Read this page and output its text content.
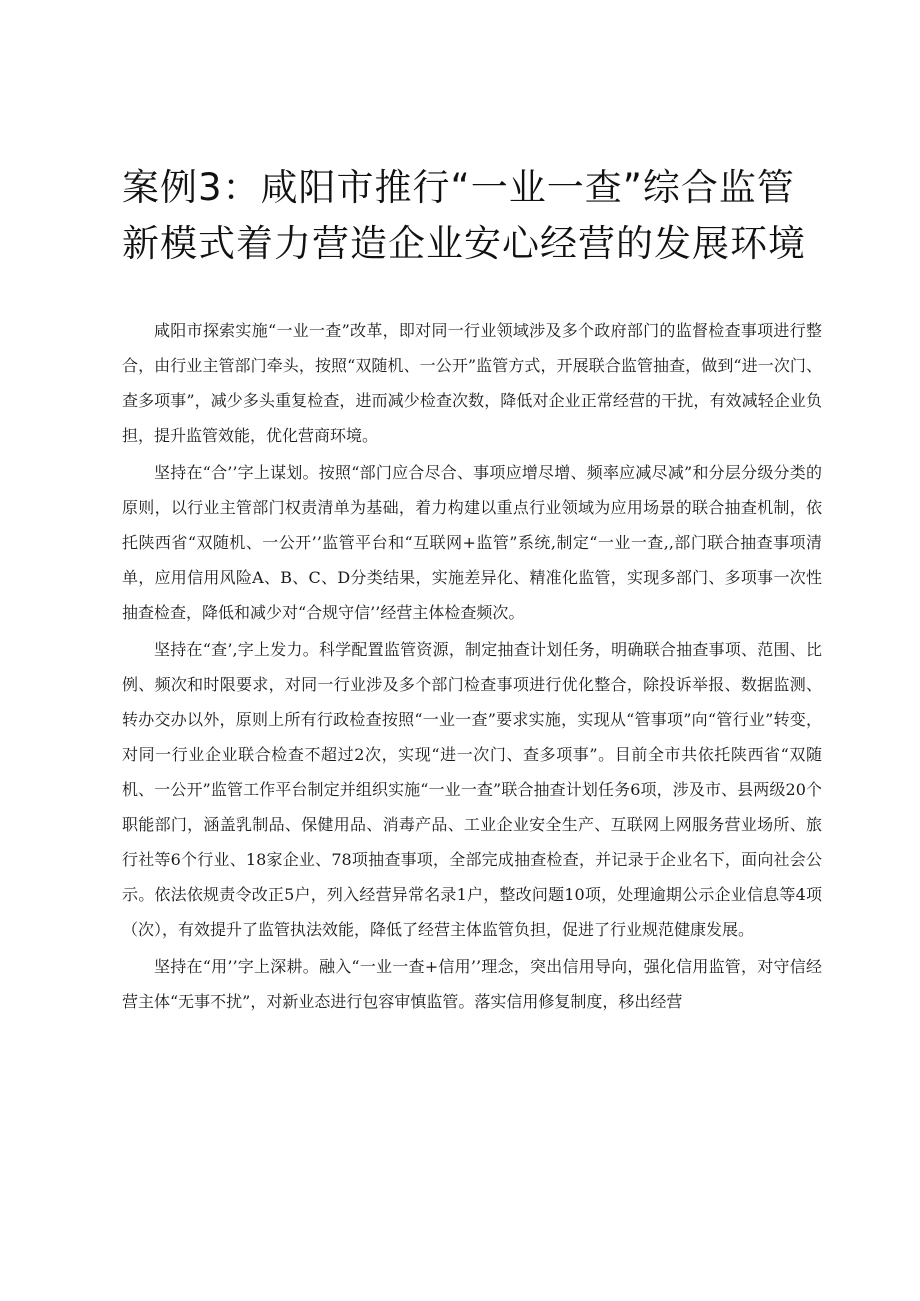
案例3：咸阳市推行“一业一查”综合监管
新模式着力营造企业安心经营的发展环境

咸阳市探索实施“一业一查”改革，即对同一行业领域涉及多个政府部门的监督检查事项进行整合，由行业主管部门牵头，按照“双随机、一公开”监管方式，开展联合监管抽查，做到“进一次门、查多项事”，减少多头重复检查，进而减少检查次数，降低对企业正常经营的干扰，有效减轻企业负担，提升监管效能，优化营商环境。

坚持在“合’’字上谋划。按照“部门应合尽合、事项应增尽增、频率应减尽减”和分层分级分类的原则，以行业主管部门权责清单为基础，着力构建以重点行业领域为应用场景的联合抽查机制，依托陕西省“双随机、一公开’’监管平台和“互联网+监管”系统,制定“一业一查,,部门联合抽查事项清单，应用信用风险A、B、C、D分类结果，实施差异化、精准化监管，实现多部门、多项事一次性抽查检查，降低和减少对“合规守信’’经营主体检查频次。

坚持在“查’,字上发力。科学配置监管资源，制定抽查计划任务，明确联合抽查事项、范围、比例、频次和时限要求，对同一行业涉及多个部门检查事项进行优化整合，除投诉举报、数据监测、转办交办以外，原则上所有行政检查按照“一业一查”要求实施，实现从“管事项”向“管行业”转变，对同一行业企业联合检查不超过2次，实现“进一次门、查多项事”。目前全市共依托陕西省“双随机、一公开”监管工作平台制定并组织实施“一业一查”联合抽查计划任务6项，涉及市、县两级20个职能部门，涵盖乳制品、保健用品、消毒产品、工业企业安全生产、互联网上网服务营业场所、旅行社等6个行业、18家企业、78项抽查事项，全部完成抽查检查，并记录于企业名下，面向社会公示。依法依规责令改正5户，列入经营异常名录1户，整改问题10项，处理逾期公示企业信息等4项（次），有效提升了监管执法效能，降低了经营主体监管负担，促进了行业规范健康发展。

坚持在“用’’字上深耕。融入“一业一查+信用’’理念，突出信用导向，强化信用监管，对守信经营主体“无事不扰”，对新业态进行包容审慎监管。落实信用修复制度，移出经营
